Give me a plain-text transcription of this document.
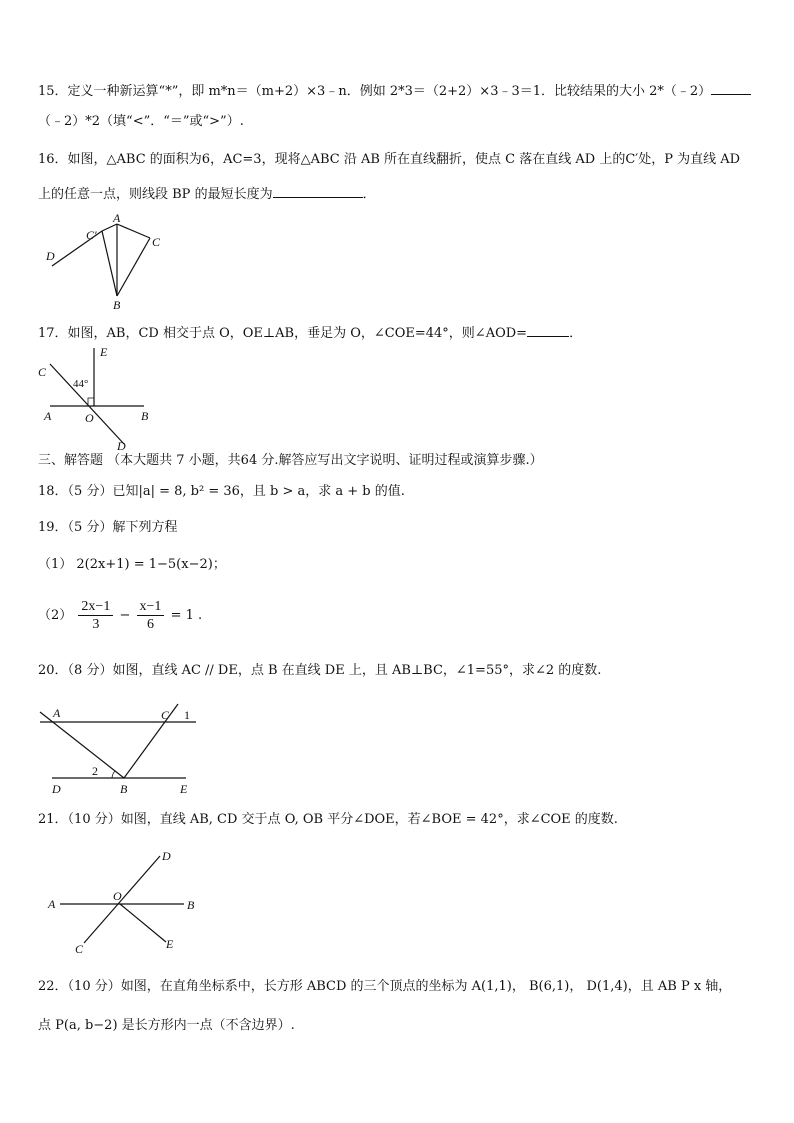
15．定义一种新运算“*”，即 m*n＝（m+2）×3﹣n．例如 2*3＝（2+2）×3﹣3＝1．比较结果的大小 2*（﹣2）
（﹣2）*2（填“<”．“＝”或“>”）.
16．如图，△ABC 的面积为6，AC=3，现将△ABC 沿 AB 所在直线翻折，使点 C 落在直线 AD 上的C′处，P 为直线 AD
上的任意一点，则线段 BP 的最短长度为	．
A
C′	C
D
B
17．如图，AB，CD 相交于点 O，OE⊥AB，垂足为 O，∠COE=44°，则∠AOD=	．
E
C
44°
A	O	B
D
三、解答题 （本大题共 7 小题，共64 分.解答应写出文字说明、证明过程或演算步骤.）
18．（5 分）已知|a| = 8, b² = 36，且 b > a，求 a + b 的值.
19．（5 分）解下列方程
（1） 2(2x+1) = 1−5(x−2)；
$(2) \frac{2x-1}{3} - \frac{x-1}{6} = 1$ .
20．（8 分）如图，直线 AC // DE，点 B 在直线 DE 上，且 AB⊥BC，∠1=55°，求∠2 的度数.
A	C 1
2
D	B	E
21．（10 分）如图，直线 AB, CD 交于点 O, OB 平分∠DOE，若∠BOE = 42°，求∠COE 的度数.
D
A
O
B
C	E
22．（10 分）如图，在直角坐标系中，长方形 ABCD 的三个顶点的坐标为 A(1,1)， B(6,1)， D(1,4)，且 AB P x 轴，
点 P(a, b−2) 是长方形内一点（不含边界）.
